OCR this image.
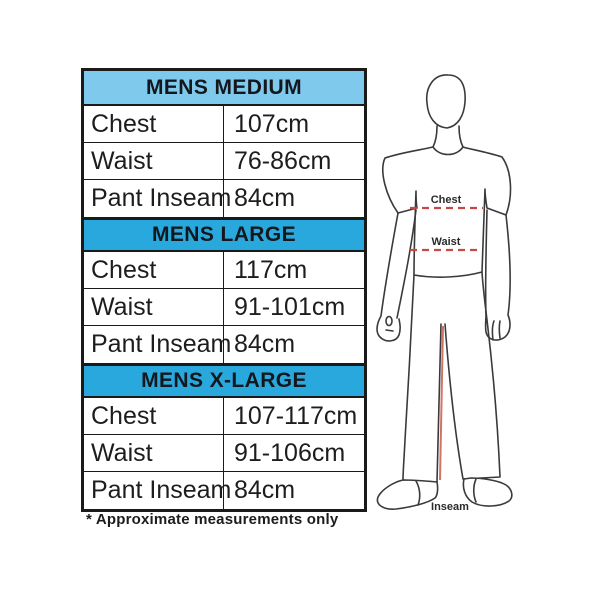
MENS MEDIUM
Chest	107cm
Waist	76-86cm
Pant Inseam 84cm
MENS LARGE
Chest	117cm
Waist	91-101cm
Pant Inseam 84cm
MENS X-LARGE
Chest	107-117cm
Waist	91-106cm
Pant Inseam 84cm
* Approximate measurements only
Chest
Waist
Inseam
